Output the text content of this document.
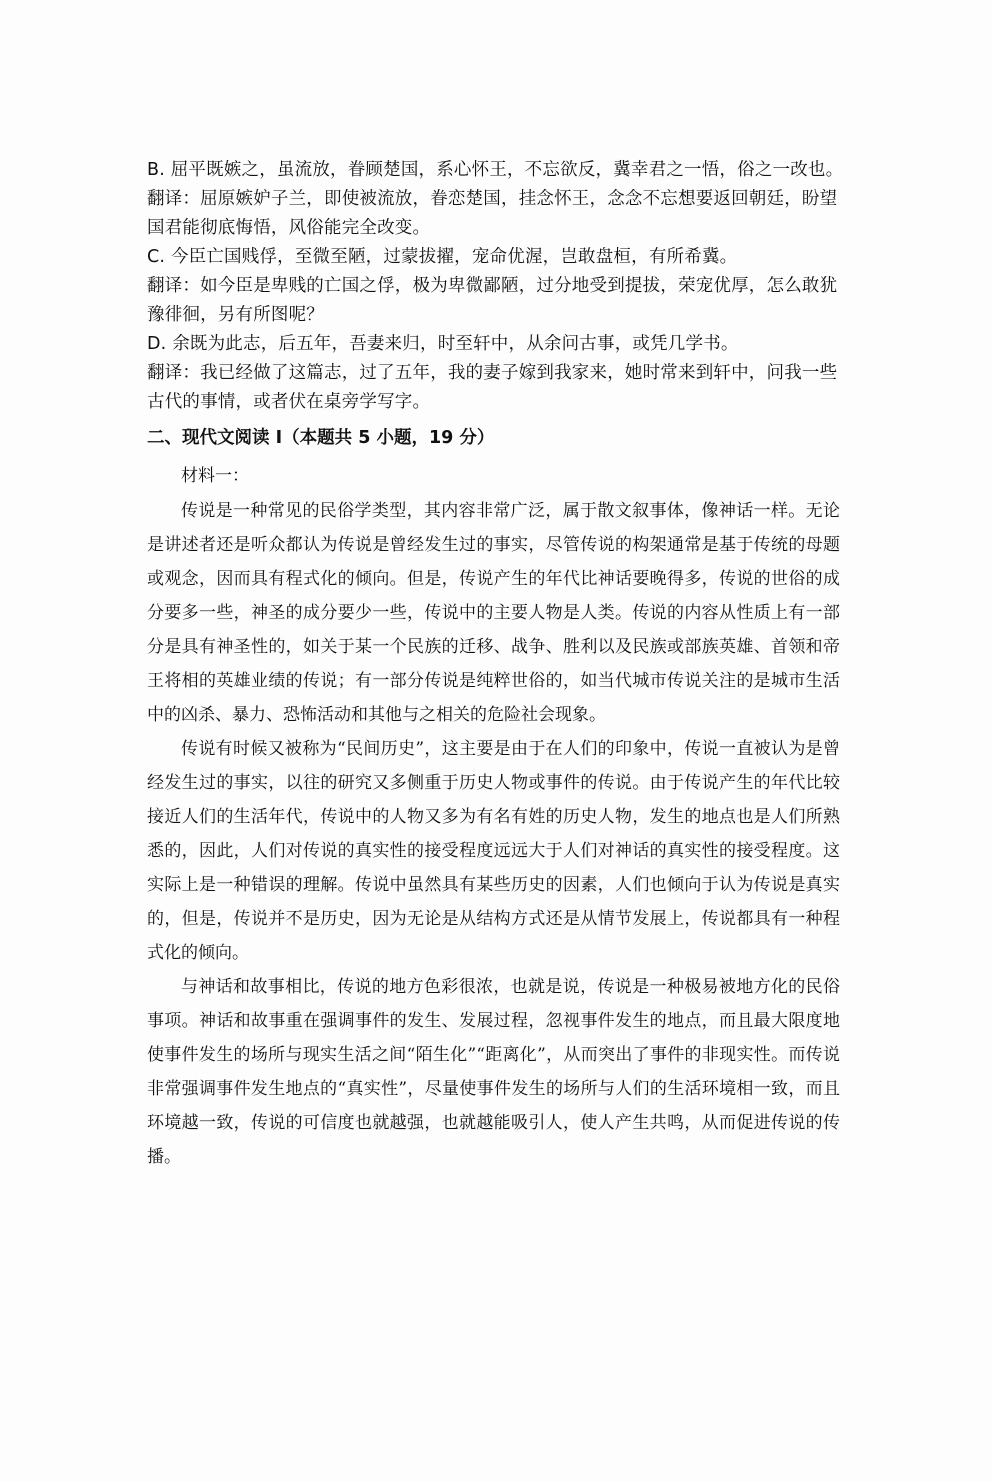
B. 屈平既嫉之，虽流放，眷顾楚国，系心怀王，不忘欲反，冀幸君之一悟，俗之一改也。

翻译：屈原嫉妒子兰，即使被流放，眷恋楚国，挂念怀王，念念不忘想要返回朝廷，盼望国君能彻底悔悟，风俗能完全改变。

C. 今臣亡国贱俘，至微至陋，过蒙拔擢，宠命优渥，岂敢盘桓，有所希冀。

翻译：如今臣是卑贱的亡国之俘，极为卑微鄙陋，过分地受到提拔，荣宠优厚，怎么敢犹豫徘徊，另有所图呢？

D. 余既为此志，后五年，吾妻来归，时至轩中，从余问古事，或凭几学书。

翻译：我已经做了这篇志，过了五年，我的妻子嫁到我家来，她时常来到轩中，问我一些古代的事情，或者伏在桌旁学写字。

二、现代文阅读 I（本题共 5 小题，19 分）
材料一：

传说是一种常见的民俗学类型，其内容非常广泛，属于散文叙事体，像神话一样。无论是讲述者还是听众都认为传说是曾经发生过的事实，尽管传说的构架通常是基于传统的母题或观念，因而具有程式化的倾向。但是，传说产生的年代比神话要晚得多，传说的世俗的成分要多一些，神圣的成分要少一些，传说中的主要人物是人类。传说的内容从性质上有一部分是具有神圣性的，如关于某一个民族的迁移、战争、胜利以及民族或部族英雄、首领和帝王将相的英雄业绩的传说；有一部分传说是纯粹世俗的，如当代城市传说关注的是城市生活中的凶杀、暴力、恐怖活动和其他与之相关的危险社会现象。

传说有时候又被称为“民间历史”，这主要是由于在人们的印象中，传说一直被认为是曾经发生过的事实，以往的研究又多侧重于历史人物或事件的传说。由于传说产生的年代比较接近人们的生活年代，传说中的人物又多为有名有姓的历史人物，发生的地点也是人们所熟悉的，因此，人们对传说的真实性的接受程度远远大于人们对神话的真实性的接受程度。这实际上是一种错误的理解。传说中虽然具有某些历史的因素，人们也倾向于认为传说是真实的，但是，传说并不是历史，因为无论是从结构方式还是从情节发展上，传说都具有一种程式化的倾向。

与神话和故事相比，传说的地方色彩很浓，也就是说，传说是一种极易被地方化的民俗事项。神话和故事重在强调事件的发生、发展过程，忽视事件发生的地点，而且最大限度地使事件发生的场所与现实生活之间“陌生化”“距离化”，从而突出了事件的非现实性。而传说非常强调事件发生地点的“真实性”，尽量使事件发生的场所与人们的生活环境相一致，而且环境越一致，传说的可信度也就越强，也就越能吸引人，使人产生共鸣，从而促进传说的传播。
